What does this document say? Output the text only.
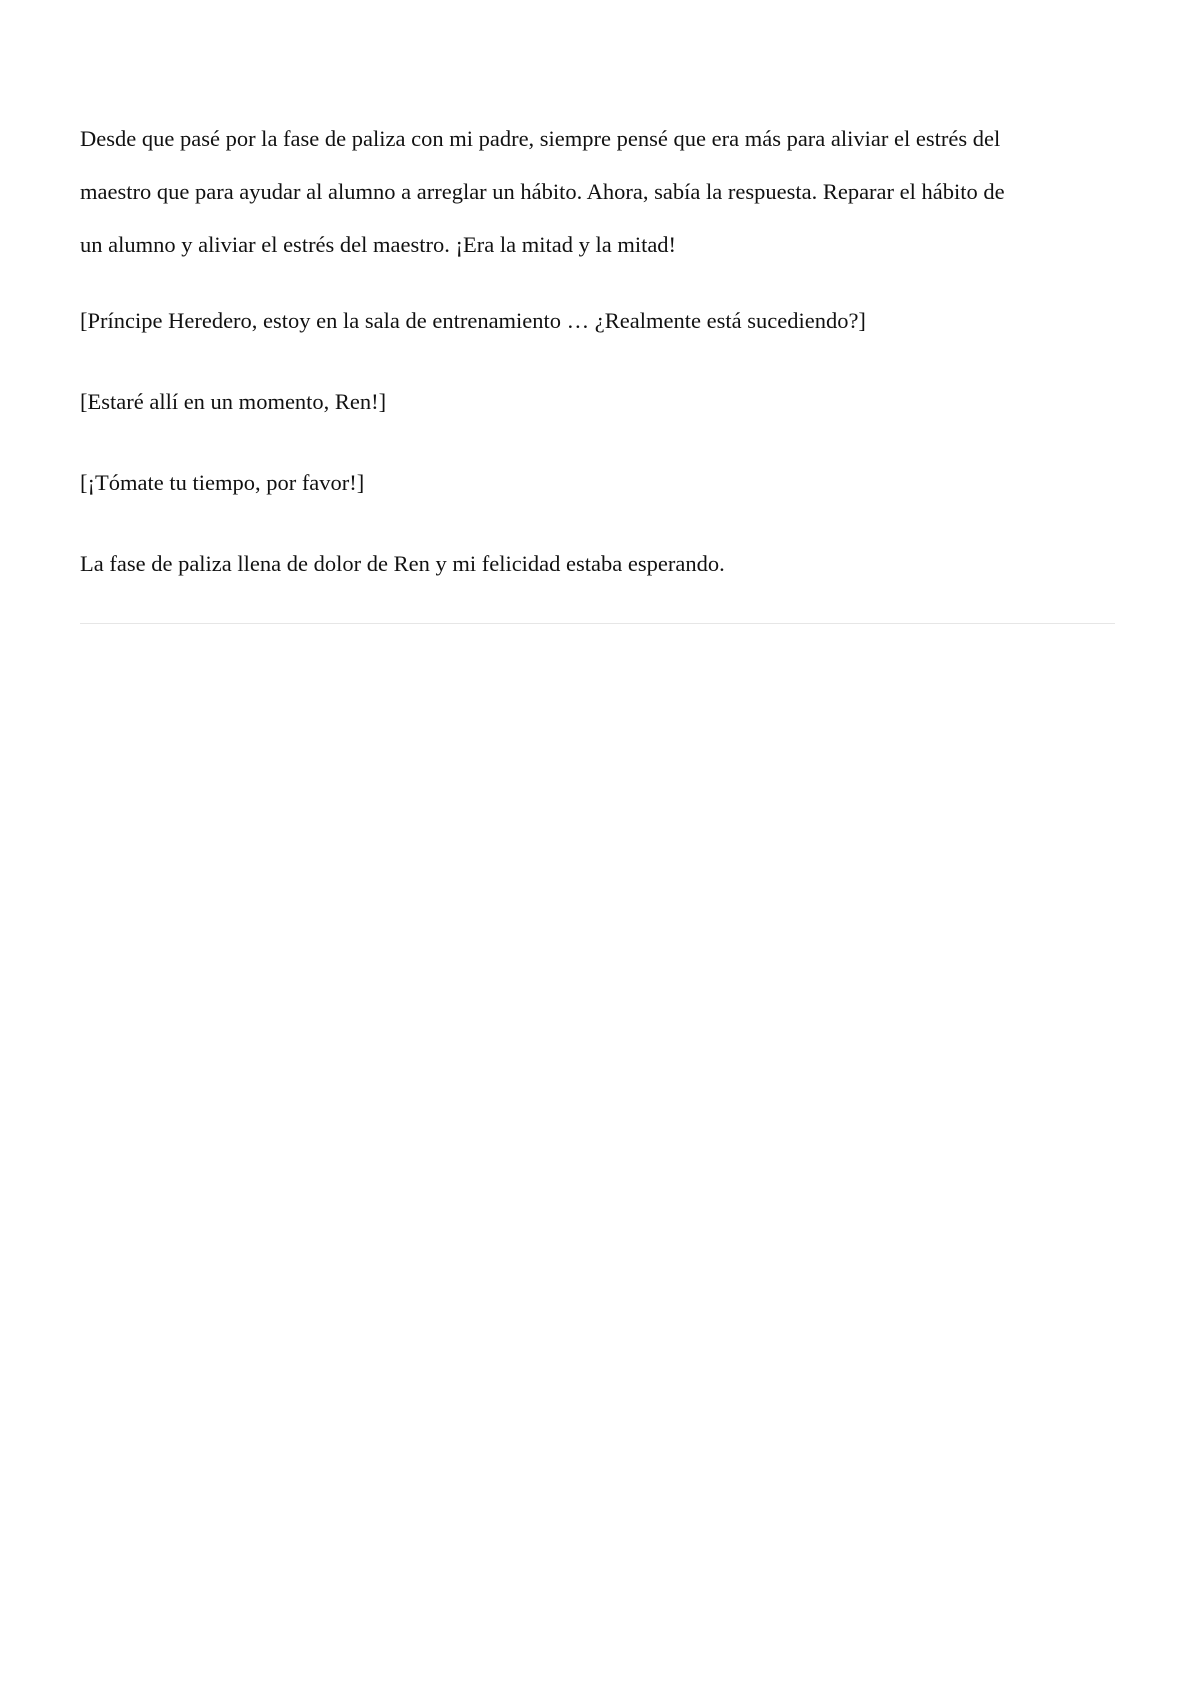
Desde que pasé por la fase de paliza con mi padre, siempre pensé que era más para aliviar el estrés del
maestro que para ayudar al alumno a arreglar un hábito. Ahora, sabía la respuesta. Reparar el hábito de
un alumno y aliviar el estrés del maestro. ¡Era la mitad y la mitad!

[Príncipe Heredero, estoy en la sala de entrenamiento … ¿Realmente está sucediendo?]

[Estaré allí en un momento, Ren!]

[¡Tómate tu tiempo, por favor!]

La fase de paliza llena de dolor de Ren y mi felicidad estaba esperando.
